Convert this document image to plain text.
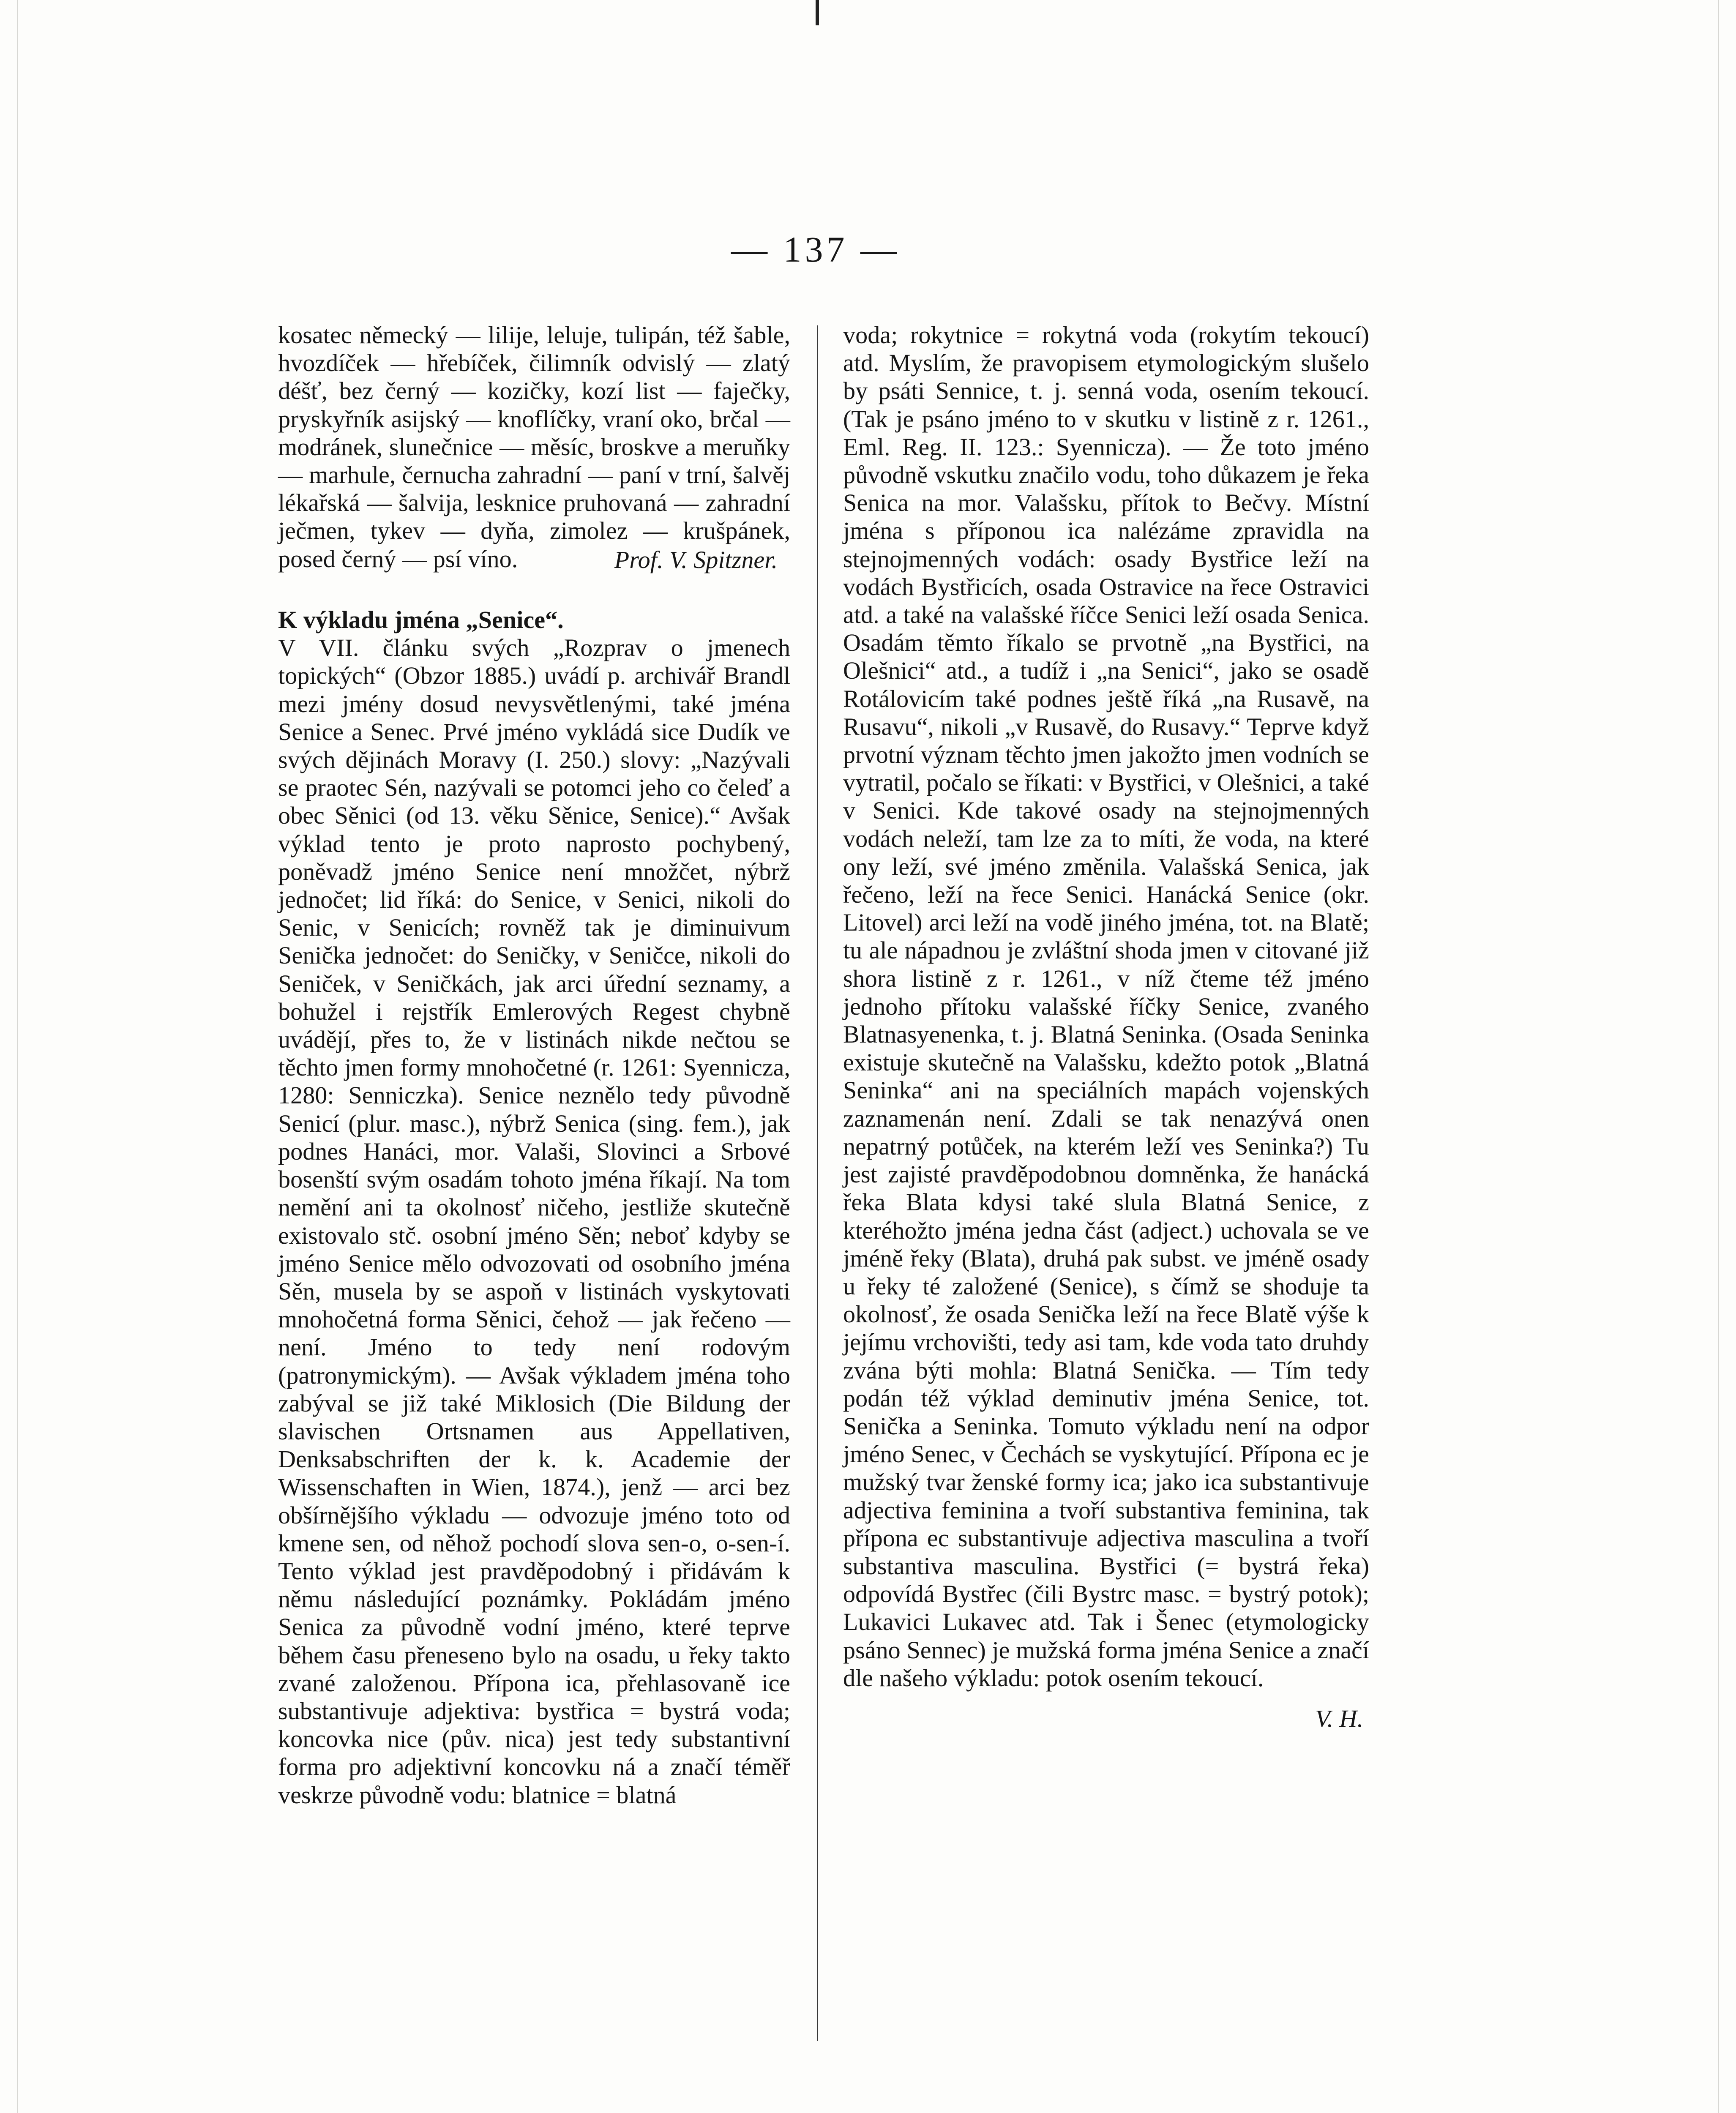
— 137 —

kosatec německý — lilije, leluje, tulipán, též šable, hvozdíček — hřebíček, čilimník odvislý — zlatý déšť, bez černý — kozičky, kozí list — faječky, pryskyřník asijský — knoflíčky, vraní oko, brčal — modránek, slunečnice — měsíc, broskve a meruňky — marhule, černucha zahradní — paní v trní, šalvěj lékařská — šalvija, lesknice pruhovaná — zahradní ječmen, tykev — dyňa, zimolez — krušpánek, posed černý — psí víno.	Prof. V. Spitzner.

K výkladu jména „Senice“.

V VII. článku svých „Rozprav o jmenech topických“ (Obzor 1885.) uvádí p. archivář Brandl mezi jmény dosud nevysvětlenými, také jména Senice a Senec. Prvé jméno vykládá sice Dudík ve svých dějinách Moravy (I. 250.) slovy: „Nazývali se praotec Sén, nazývali se potomci jeho co čeleď a obec Sěnici (od 13. věku Sěnice, Senice).“ Avšak výklad tento je proto naprosto pochybený, poněvadž jméno Senice není množčet, nýbrž jednočet; lid říká: do Senice, v Senici, nikoli do Senic, v Senicích; rovněž tak je diminuivum Senička jednočet: do Seničky, v Seničce, nikoli do Seniček, v Seničkách, jak arci úřední seznamy, a bohužel i rejstřík Emlerových Regest chybně uvádějí, přes to, že v listinách nikde nečtou se těchto jmen formy mnohočetné (r. 1261: Syennicza, 1280: Senniczka). Senice neznělo tedy původně Senicí (plur. masc.), nýbrž Senica (sing. fem.), jak podnes Hanáci, mor. Valaši, Slovinci a Srbové bosenští svým osadám tohoto jména říkají. Na tom nemění ani ta okolnosť ničeho, jestliže skutečně existovalo stč. osobní jméno Sěn; neboť kdyby se jméno Senice mělo odvozovati od osobního jména Sěn, musela by se aspoň v listinách vyskytovati mnohočetná forma Sěnici, čehož — jak řečeno — není. Jméno to tedy není rodovým (patronymickým). — Avšak výkladem jména toho zabýval se již také Miklosich (Die Bildung der slavischen Ortsnamen aus Appellativen, Denksabschriften der k. k. Academie der Wissenschaften in Wien, 1874.), jenž — arci bez obšírnějšího výkladu — odvozuje jméno toto od kmene sen, od něhož pochodí slova sen-o, o-sen-í. Tento výklad jest pravděpodobný i přidávám k němu následující poznámky. Pokládám jméno Senica za původně vodní jméno, které teprve během času přeneseno bylo na osadu, u řeky takto zvané založenou. Přípona ica, přehlasovaně ice substantivuje adjektiva: bystřica = bystrá voda; koncovka nice (pův. nica) jest tedy substantivní forma pro adjektivní koncovku ná a značí téměř veskrze původně vodu: blatnice = blatná

voda; rokytnice = rokytná voda (rokytím tekoucí) atd. Myslím, že pravopisem etymologickým slušelo by psáti Sennice, t. j. senná voda, osením tekoucí. (Tak je psáno jméno to v skutku v listině z r. 1261., Eml. Reg. II. 123.: Syennicza). — Že toto jméno původně vskutku značilo vodu, toho důkazem je řeka Senica na mor. Valašsku, přítok to Bečvy. Místní jména s příponou ica nalézáme zpravidla na stejnojmenných vodách: osady Bystřice leží na vodách Bystřicích, osada Ostravice na řece Ostravici atd. a také na valašské říčce Senici leží osada Senica. Osadám těmto říkalo se prvotně „na Bystřici, na Olešnici“ atd., a tudíž i „na Senici“, jako se osadě Rotálovicím také podnes ještě říká „na Rusavě, na Rusavu“, nikoli „v Rusavě, do Rusavy.“ Teprve když prvotní význam těchto jmen jakožto jmen vodních se vytratil, počalo se říkati: v Bystřici, v Olešnici, a také v Senici. Kde takové osady na stejnojmenných vodách neleží, tam lze za to míti, že voda, na které ony leží, své jméno změnila. Valašská Senica, jak řečeno, leží na řece Senici. Hanácká Senice (okr. Litovel) arci leží na vodě jiného jména, tot. na Blatě; tu ale nápadnou je zvláštní shoda jmen v citované již shora listině z r. 1261., v níž čteme též jméno jednoho přítoku valašské říčky Senice, zvaného Blatnasyenenka, t. j. Blatná Seninka. (Osada Seninka existuje skutečně na Valašsku, kdežto potok „Blatná Seninka“ ani na speciálních mapách vojenských zaznamenán není. Zdali se tak nenazývá onen nepatrný potůček, na kterém leží ves Seninka?) Tu jest zajisté pravděpodobnou domněnka, že hanácká řeka Blata kdysi také slula Blatná Senice, z kteréhožto jména jedna část (adject.) uchovala se ve jméně řeky (Blata), druhá pak subst. ve jméně osady u řeky té založené (Senice), s čímž se shoduje ta okolnosť, že osada Senička leží na řece Blatě výše k jejímu vrchovišti, tedy asi tam, kde voda tato druhdy zvána býti mohla: Blatná Senička. — Tím tedy podán též výklad deminutiv jména Senice, tot. Senička a Seninka. Tomuto výkladu není na odpor jméno Senec, v Čechách se vyskytující. Přípona ec je mužský tvar ženské formy ica; jako ica substantivuje adjectiva feminina a tvoří substantiva feminina, tak přípona ec substantivuje adjectiva masculina a tvoří substantiva masculina. Bystřici (= bystrá řeka) odpovídá Bystřec (čili Bystrc masc. = bystrý potok); Lukavici Lukavec atd. Tak i Šenec (etymologicky psáno Sennec) je mužská forma jména Senice a značí dle našeho výkladu: potok osením tekoucí.

V. H.
